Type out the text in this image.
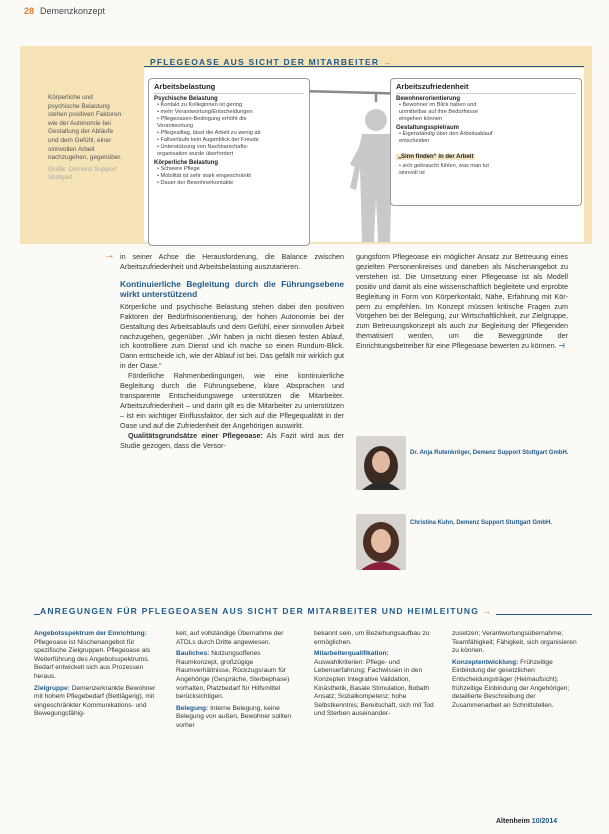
28 Demenzkonzept
PFLEGEOASE AUS SICHT DER MITARBEITER →
Körperliche und psychische Belastung stehen positiven Faktoren wie der Autonomie bei Gestaltung der Abläufe und dem Gefühl, einer sinnvollen Arbeit nachzugehen, gegenüber.
Grafik: Demenz Support Stuttgart
Arbeitsbelastung
Psychische Belastung
• Kontakt zu Kolleginnen ist gering
• mehr Verantwortung/Entscheidungen
• Pflegeoasen-Bedingung erhöht die
Verantwortung
• Pflegealltag, lässt die Arbeit zu wenig ab
• Fallverläufe kein Augenblick der Freude
• Unterstützung von Nachbarschafts-
organisation wurde überfordert
Körperliche Belastung
• Schwere Pflege
• Mobilität ist sehr stark eingeschränkt
• Dauer der Bewohnerkontakte
Arbeitszufriedenheit
Bewohnerorientierung
• Bewohner im Blick haben und
unmittelbar auf ihre Bedürfnisse
eingehen können
Gestaltungsspielraum
• Eigenständig über den Arbeitsablauf
entscheiden
„Sinn finden“ in der Arbeit
• sich gebraucht fühlen, was man tut
sinnvoll ist

→ in seiner Achse die Herausforderung, die Balance zwischen Arbeitszufriedenheit und Arbeitsbelastung auszutarieren.

Kontinuierliche Begleitung durch die Führungsebene wirkt unterstützend

Körperliche und psychische Belastung stehen dabei den positiven Faktoren der Bedürfnisorientierung, der hohen Autonomie bei der Gestaltung des Arbeitsablaufs und dem Gefühl, einer sinnvollen Arbeit nachzugehen, gegenüber. „Wir haben ja nicht diesen festen Ablauf, ich kontrolliere zum Dienst und ich mache so einen Rundum-Blick. Dann entscheide ich, wie der Ablauf ist bei. Das gefällt mir wirklich gut in der Oase.“

Förderliche Rahmenbedingungen, wie eine kontinuierliche Begleitung durch die Führungsebene, klare Absprachen und transparente Entscheidungswege unterstützen die Mitarbeiter. Arbeitszufriedenheit – und darin gilt es die Mitarbeiter zu unterstützen – ist ein wichtiger Einflussfaktor, der sich auf die Pflegequalität in der Oase und auf die Zufriedenheit der Angehörigen auswirkt.

Qualitätsgrundsätze einer Pflegeoase: Als Fazit wird aus der Studie gezogen, dass die Versor-

gungsform Pflegeoase ein möglicher Ansatz zur Betreuung eines gezielten Personenkreises und daneben als Nischenangebot zu verstehen ist. Die Umsetzung einer Pflegeoase ist als Modell positiv und damit als eine wissenschaftlich begleitete und erprobte Begleitung in Form von Körperkontakt, Nähe, Erfahrung mit Kör- pern zu empfehlen. Im Konzept müssen kritische Fragen zum Vorgehen bei der Belegung, zur Wirtschaftlichkeit, zur Zielgruppe, zum Betreuungskonzept als auch zur Begleitung der Pflegenden thematisiert werden, um die Beweggründe der Einrichtungsbetreiber für eine Pflegeoase bewerten zu können. ⊣

Dr. Anja Rutenkröger, Demenz Support Stuttgart GmbH.
Christina Kuhn, Demenz Support Stuttgart GmbH.
ANREGUNGEN FÜR PFLEGEOASEN AUS SICHT DER MITARBEITER UND HEIMLEITUNG →

Angebotsspektrum der Einrichtung: Pflegeoase ist Nischenangebot für spezifische Zielgruppen. Pflegeoase als Weiterführung des Angebotsspektrums. Bedarf entwickelt sich aus Prozessen heraus.

Zielgruppe: Demenzerkrankte Bewohner mit hohem Pflegebedarf (Bettlägerig), mit eingeschränkter Kommunikations- und Bewegungsfähig-

keit, auf vollständige Übernahme der ATDLs durch Dritte angewiesen.

Bauliches: Nutzungsoffenes Raumkonzept, großzügige Raumverhältnisse, Rückzugsraum für Angehörige (Gespräche, Sterbephase) vorhalten, Platzbedarf für Hilfsmittel berücksichtigen.

Belegung: Interne Belegung, keine Belegung von außen, Bewohner sollten vorher

bekannt sein, um Beziehungsaufbau zu ermöglichen.

Mitarbeiterqualifikation: Auswahlkriterien: Pflege- und Lebenserfahrung; Fachwissen in den Konzepten Integrative Validation, Kinästhetik, Basale Stimulation, Bobath Ansatz; Sozialkompetenz; hohe Selbstkenntnis; Bereitschaft, sich mit Tod und Sterben auseinander-

zusetzen; Verantwortungsübernahme; Teamfähigkeit; Fähigkeit, sich organisieren zu können.

Konzeptentwicklung: Frühzeitige Einbindung der gesetzlichen Entscheidungsträger (Heimaufsicht); frühzeitige Einbindung der Angehörigen; detaillierte Beschreibung der Zusammenarbeit an Schnittstellen.

Altenheim 10/2014
